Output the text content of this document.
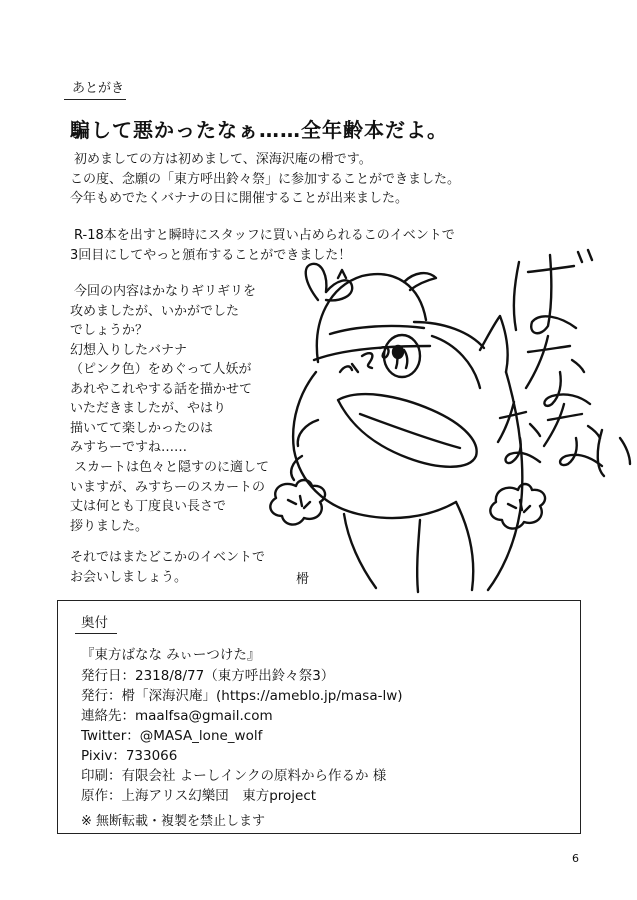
あとがき
騙して悪かったなぁ……全年齢本だよ。
初めましての方は初めまして、深海沢庵の榾です。
この度、念願の「東方呼出鈴々祭」に参加することができました。
今年もめでたくバナナの日に開催することが出来ました。
R-18本を出すと瞬時にスタッフに買い占められるこのイベントで
3回目にしてやっと頒布することができました！
今回の内容はかなりギリギリを
攻めましたが、いかがでした
でしょうか？
幻想入りしたバナナ
（ピンク色）をめぐって人妖が
あれやこれやする話を描かせて
いただきましたが、やはり
描いてて楽しかったのは
みすちーですね……
スカートは色々と隠すのに適して
いますが、みすちーのスカートの
丈は何とも丁度良い長さで
拶りました。
それではまたどこかのイベントで
お会いしましょう。	榾
奥付
『東方ばなな みぃーつけた』
発行日：2318/8/77（東方呼出鈴々祭3）
発行：榾「深海沢庵」(https://ameblo.jp/masa-lw)
連絡先：maalfsa@gmail.com
Twitter：@MASA_lone_wolf
Pixiv：733066
印刷：有限会社 よーしインクの原料から作るか 様
原作：上海アリス幻樂団　東方project
※ 無断転載・複製を禁止します
6
